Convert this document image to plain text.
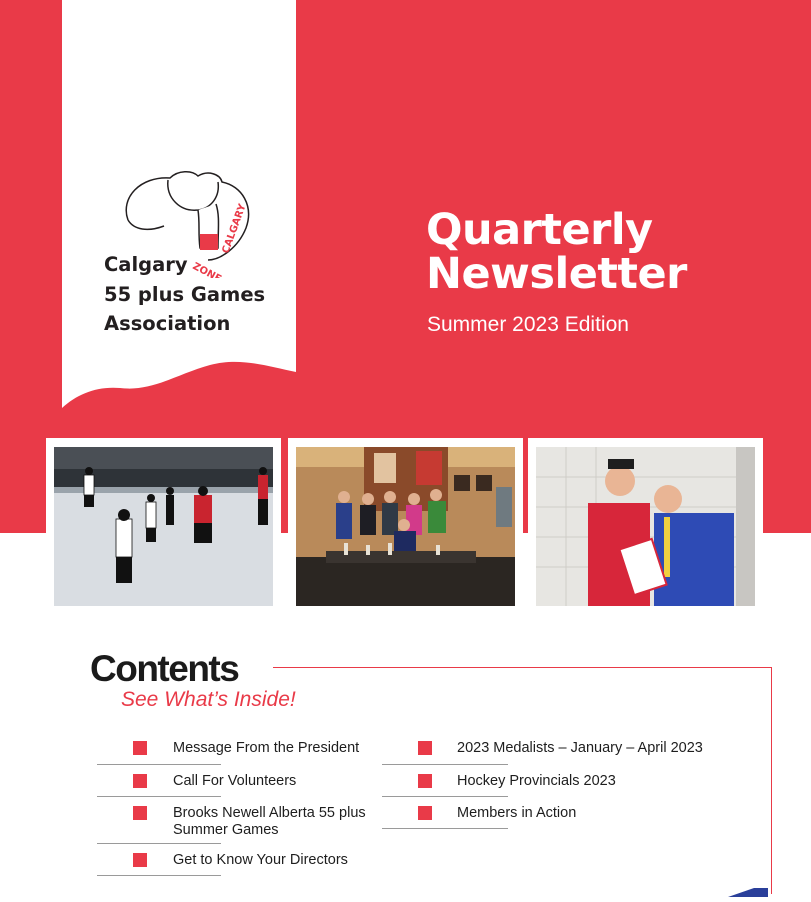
ZONE 3
CALGARY
Calgary
55 plus Games
Association
Quarterly
Newsletter
Summer 2023 Edition
Contents
See What’s Inside!
Message From the President
Call For Volunteers
Brooks Newell Alberta 55 plus Summer Games
Get to Know Your Directors
2023 Medalists – January – April 2023
Hockey Provincials 2023
Members in Action
